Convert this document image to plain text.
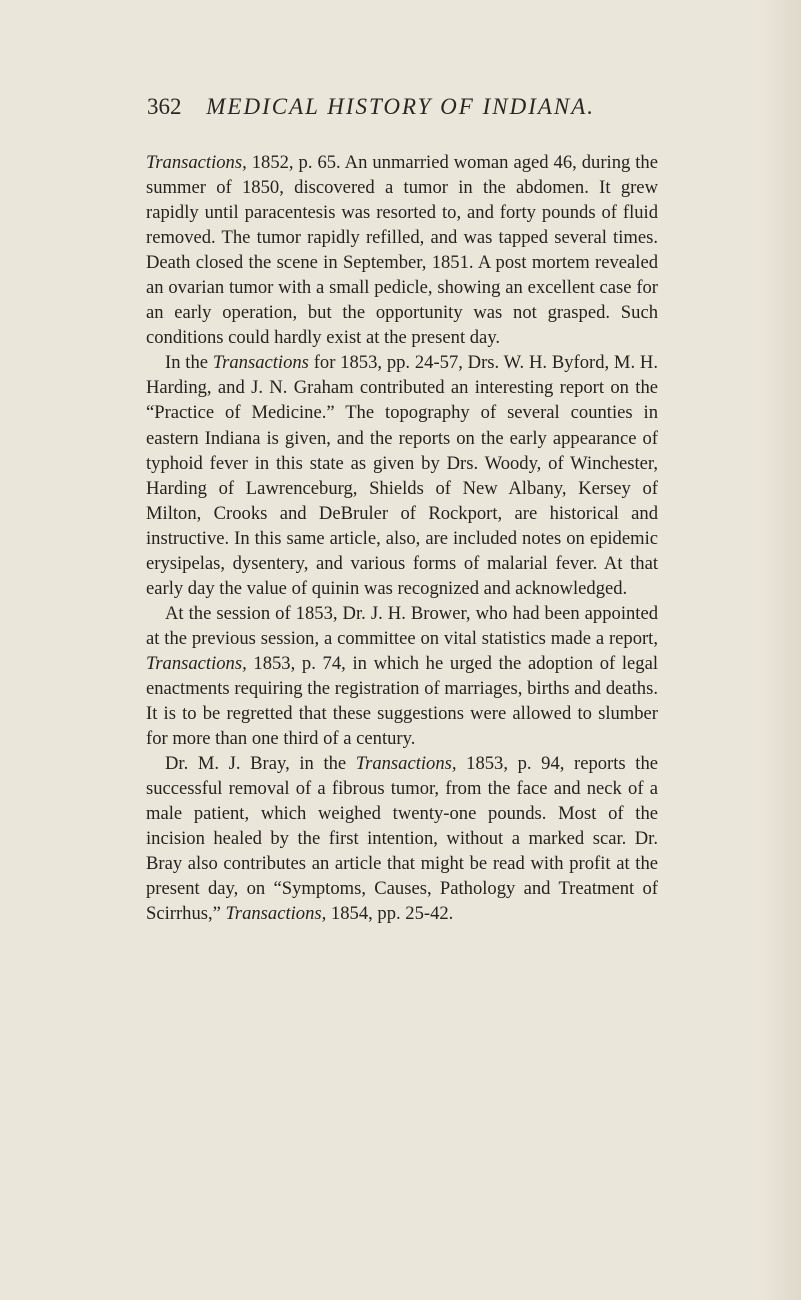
362 MEDICAL HISTORY OF INDIANA.

Transactions, 1852, p. 65. An unmarried woman aged 46, during the summer of 1850, discovered a tumor in the abdomen. It grew rapidly until paracentesis was resorted to, and forty pounds of fluid removed. The tumor rapidly refilled, and was tapped several times. Death closed the scene in September, 1851. A post mortem revealed an ovarian tumor with a small pedicle, showing an excellent case for an early operation, but the opportunity was not grasped. Such conditions could hardly exist at the present day.

In the Transactions for 1853, pp. 24-57, Drs. W. H. Byford, M. H. Harding, and J. N. Graham contributed an interesting report on the “Practice of Medicine.” The topography of several counties in eastern Indiana is given, and the reports on the early appearance of typhoid fever in this state as given by Drs. Woody, of Winchester, Harding of Lawrenceburg, Shields of New Albany, Kersey of Milton, Crooks and DeBruler of Rockport, are historical and instructive. In this same article, also, are included notes on epidemic erysipelas, dysentery, and various forms of malarial fever. At that early day the value of quinin was recognized and acknowledged.

At the session of 1853, Dr. J. H. Brower, who had been appointed at the previous session, a committee on vital statistics made a report, Transactions, 1853, p. 74, in which he urged the adoption of legal enactments requiring the registration of marriages, births and deaths. It is to be regretted that these suggestions were allowed to slumber for more than one third of a century.

Dr. M. J. Bray, in the Transactions, 1853, p. 94, reports the successful removal of a fibrous tumor, from the face and neck of a male patient, which weighed twenty-one pounds. Most of the incision healed by the first intention, without a marked scar. Dr. Bray also contributes an article that might be read with profit at the present day, on “Symptoms, Causes, Pathology and Treatment of Scirrhus,” Transactions, 1854, pp. 25-42.
